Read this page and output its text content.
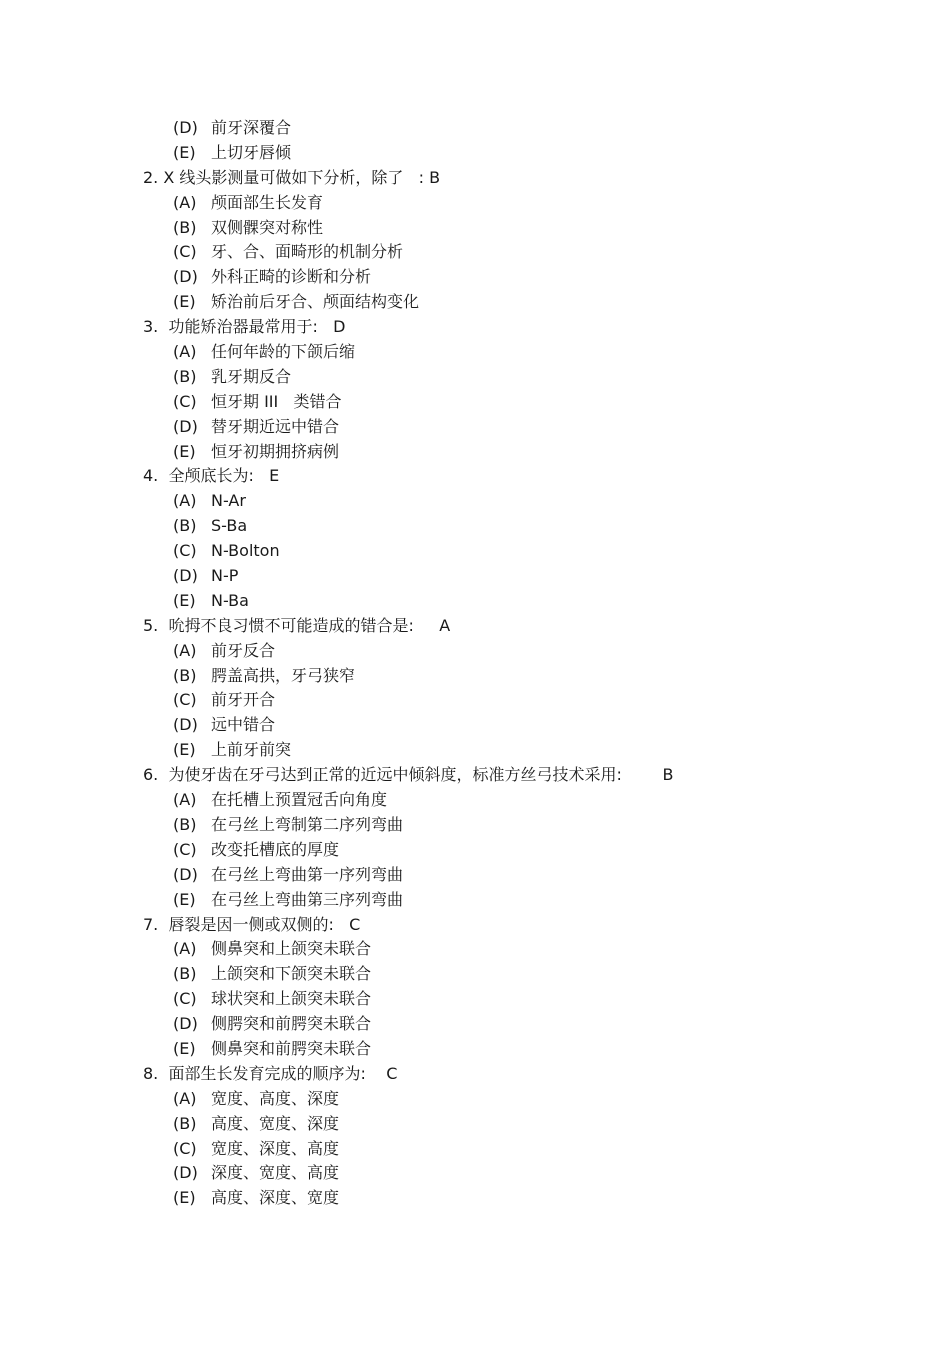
(D) 前牙深覆合
(E) 上切牙唇倾
2. X 线头影测量可做如下分析，除了   : B
(A) 颅面部生长发育
(B) 双侧髁突对称性
(C) 牙、合、面畸形的机制分析
(D) 外科正畸的诊断和分析
(E) 矫治前后牙合、颅面结构变化
3.  功能矫治器最常用于:   D
(A) 任何年龄的下颌后缩
(B) 乳牙期反合
(C) 恒牙期 III   类错合
(D) 替牙期近远中错合
(E) 恒牙初期拥挤病例
4.  全颅底长为:   E
(A) N-Ar
(B) S-Ba
(C) N-Bolton
(D) N-P
(E) N-Ba
5.  吮拇不良习惯不可能造成的错合是:     A
(A) 前牙反合
(B) 腭盖高拱，牙弓狭窄
(C) 前牙开合
(D) 远中错合
(E) 上前牙前突
6.  为使牙齿在牙弓达到正常的近远中倾斜度，标准方丝弓技术采用:        B
(A) 在托槽上预置冠舌向角度
(B) 在弓丝上弯制第二序列弯曲
(C) 改变托槽底的厚度
(D) 在弓丝上弯曲第一序列弯曲
(E) 在弓丝上弯曲第三序列弯曲
7.  唇裂是因一侧或双侧的:   C
(A) 侧鼻突和上颌突未联合
(B) 上颌突和下颌突未联合
(C) 球状突和上颌突未联合
(D) 侧腭突和前腭突未联合
(E) 侧鼻突和前腭突未联合
8.  面部生长发育完成的顺序为:    C
(A) 宽度、高度、深度
(B) 高度、宽度、深度
(C) 宽度、深度、高度
(D) 深度、宽度、高度
(E) 高度、深度、宽度
